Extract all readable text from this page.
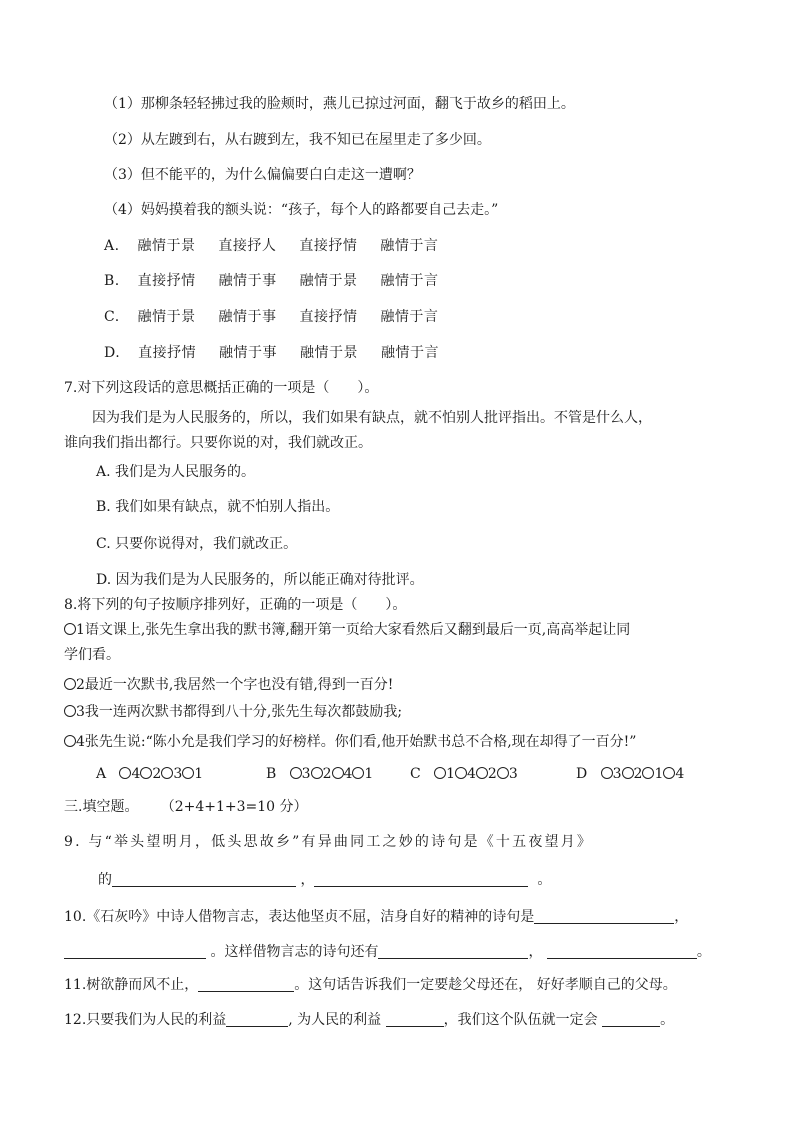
（1）那柳条轻轻拂过我的脸颊时，燕儿已掠过河面，翻飞于故乡的稻田上。
（2）从左踱到右，从右踱到左，我不知已在屋里走了多少回。
（3）但不能平的，为什么偏偏要白白走这一遭啊？
（4）妈妈摸着我的额头说：“孩子，每个人的路都要自己去走。”
A. 融情于景 直接抒人 直接抒情 融情于言
B. 直接抒情 融情于事 融情于景 融情于言
C. 融情于景 融情于事 直接抒情 融情于言
D. 直接抒情 融情于事 融情于景 融情于言
7.对下列这段话的意思概括正确的一项是（　　）。
因为我们是为人民服务的，所以，我们如果有缺点，就不怕别人批评指出。不管是什么人，
谁向我们指出都行。只要你说的对，我们就改正。
A. 我们是为人民服务的。
B. 我们如果有缺点，就不怕别人指出。
C. 只要你说得对，我们就改正。
D. 因为我们是为人民服务的，所以能正确对待批评。
8.将下列的句子按顺序排列好，正确的一项是（　　）。
1语文课上,张先生拿出我的默书簿,翻开第一页给大家看然后又翻到最后一页,高高举起让同
学们看。
2最近一次默书,我居然一个字也没有错,得到一百分!
3我一连两次默书都得到八十分,张先生每次都鼓励我;
4张先生说:“陈小允是我们学习的好榜样。你们看,他开始默书总不合格,现在却得了一百分!”
A 4 2 3 1	B 3 2 4 1	C 1 4 2 3	D 3 2 1 4
三.填空题。 （2+4+1+3=10 分）
9. 与“举头望明月，低头思故乡”有异曲同工之妙的诗句是《十五夜望月》
的	，	。
10.《石灰吟》中诗人借物言志，表达他坚贞不屈，洁身自好的精神的诗句是	，
。这样借物言志的诗句还有	，	。
11.树欲静而风不止，	。这句话告诉我们一定要趁父母还在， 好好孝顺自己的父母。
12.只要我们为人民的利益	, 为人民的利益	，我们这个队伍就一定会	。
